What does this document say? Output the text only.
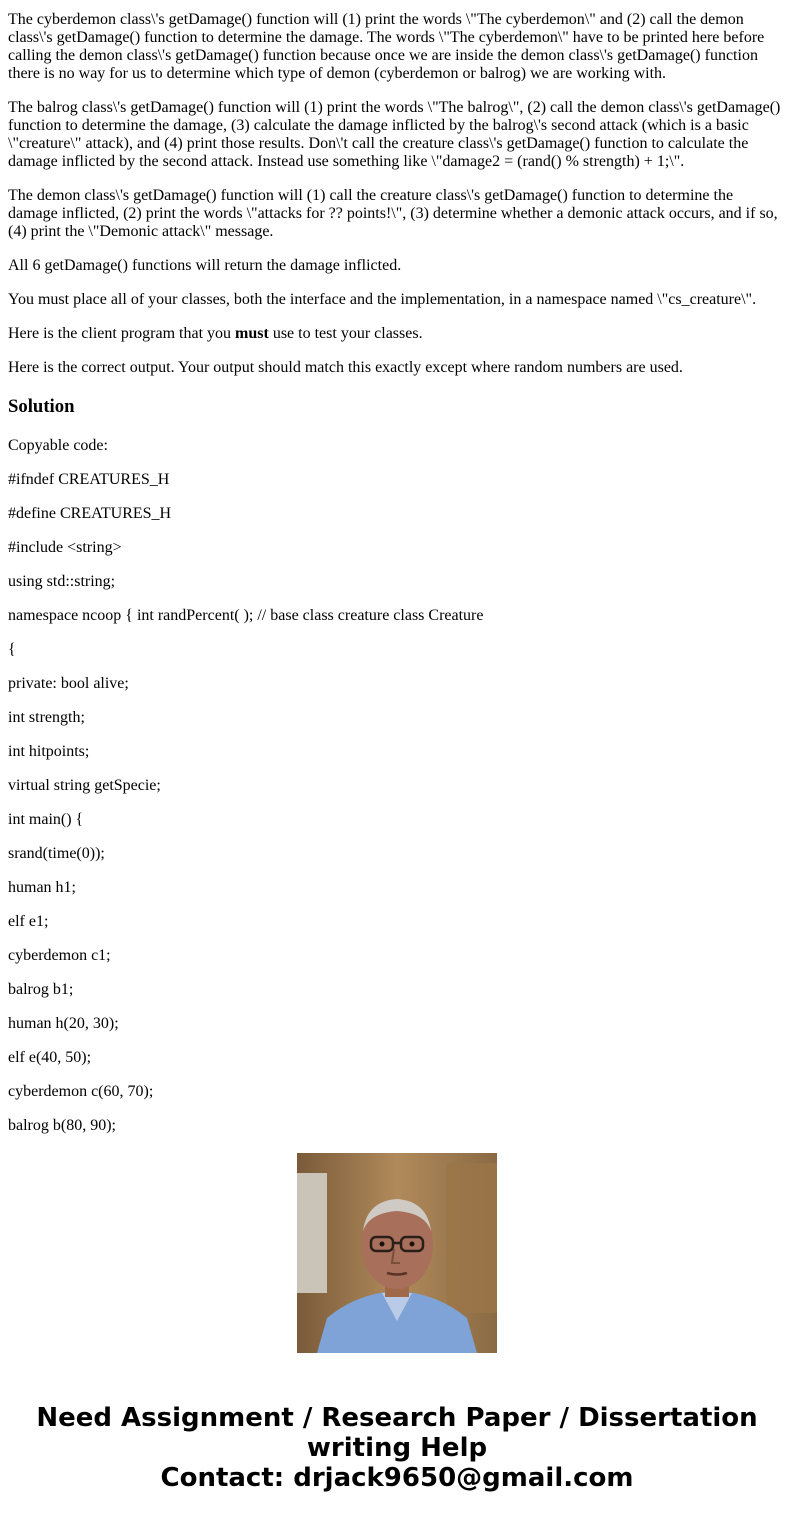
The cyberdemon class\'s getDamage() function will (1) print the words \"The cyberdemon\" and (2) call the demon class\'s getDamage() function to determine the damage. The words \"The cyberdemon\" have to be printed here before calling the demon class\'s getDamage() function because once we are inside the demon class\'s getDamage() function there is no way for us to determine which type of demon (cyberdemon or balrog) we are working with.

The balrog class\'s getDamage() function will (1) print the words \"The balrog\", (2) call the demon class\'s getDamage() function to determine the damage, (3) calculate the damage inflicted by the balrog\'s second attack (which is a basic \"creature\" attack), and (4) print those results. Don\'t call the creature class\'s getDamage() function to calculate the damage inflicted by the second attack. Instead use something like \"damage2 = (rand() % strength) + 1;\".

The demon class\'s getDamage() function will (1) call the creature class\'s getDamage() function to determine the damage inflicted, (2) print the words \"attacks for ?? points!\", (3) determine whether a demonic attack occurs, and if so, (4) print the \"Demonic attack\" message.

All 6 getDamage() functions will return the damage inflicted.

You must place all of your classes, both the interface and the implementation, in a namespace named \"cs_creature\".

Here is the client program that you must use to test your classes.

Here is the correct output. Your output should match this exactly except where random numbers are used.

Solution

Copyable code:

#ifndef CREATURES_H

#define CREATURES_H

#include <string>

using std::string;

namespace ncoop { int randPercent( ); // base class creature class Creature

{

private: bool alive;

int strength;

int hitpoints;

virtual string getSpecie;

int main() {

srand(time(0));

human h1;

elf e1;

cyberdemon c1;

balrog b1;

human h(20, 30);

elf e(40, 50);

cyberdemon c(60, 70);

balrog b(80, 90);

Need Assignment / Research Paper / Dissertation
writing Help
Contact: drjack9650@gmail.com
